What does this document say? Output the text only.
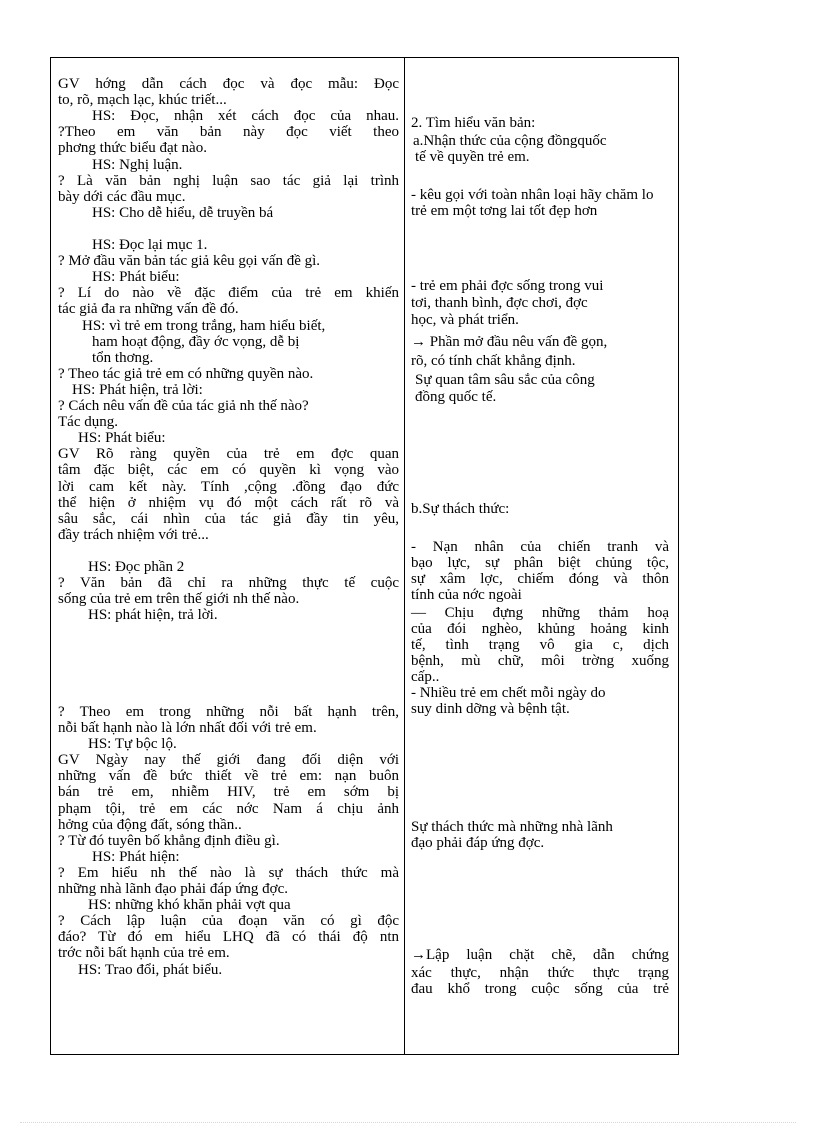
GV hớng dẫn cách đọc và đọc mẫu: Đọc
to, rõ, mạch lạc, khúc triết...
HS: Đọc, nhận xét cách đọc của nhau.
?Theo em văn bản này đọc viết theo
phơng thức biểu đạt nào.
HS: Nghị luận.
? Là văn bản nghị luận sao tác giả lại trình
bày dới các đầu mục.
HS: Cho dễ hiểu, dễ truyền bá
HS: Đọc lại mục 1.
? Mở đầu văn bản tác giả kêu gọi vấn đề gì.
HS: Phát biểu:
? Lí do nào về đặc điểm của trẻ em khiến
tác giả đa ra những vấn đề đó.
HS: vì trẻ em trong trắng, ham hiểu biết,
ham hoạt động, đầy ớc vọng, dễ bị
tổn thơng.
? Theo tác giả trẻ em có những quyền nào.
HS: Phát hiện, trả lời:
? Cách nêu vấn đề của tác giả nh thế nào?
Tác dụng.
HS: Phát biểu:
GV Rõ ràng quyền của trẻ em đợc quan
tâm đặc biệt, các em có quyền kì vọng vào
lời cam kết này. Tính ,cộng .đồng đạo đức
thể hiện ở nhiệm vụ đó một cách rất rõ và
sâu sắc, cái nhìn của tác giả đầy tin yêu,
đầy trách nhiệm với trẻ...
HS: Đọc phần 2
? Văn bản đã chỉ ra những thực tế cuộc
sống của trẻ em trên thế giới nh thế nào.
HS: phát hiện, trả lời.
? Theo em trong những nỗi bất hạnh trên,
nỗi bất hạnh nào là lớn nhất đối với trẻ em.
HS: Tự bộc lộ.
GV Ngày nay thế giới đang đối diện với
những vấn đề bức thiết về trẻ em: nạn buôn
bán trẻ em, nhiễm HIV, trẻ em sớm bị
phạm tội, trẻ em các nớc Nam á chịu ảnh
hởng của động đất, sóng thần..
? Từ đó tuyên bố khẳng định điều gì.
HS: Phát hiện:
? Em hiểu nh thế nào là sự thách thức mà
những nhà lãnh đạo phải đáp ứng đợc.
HS: những khó khăn phải vợt qua
? Cách lập luận của đoạn văn có gì độc
đáo? Từ đó em hiểu LHQ đã có thái độ ntn
trớc nỗi bất hạnh của trẻ em.
HS: Trao đổi, phát biểu.
2. Tìm hiểu văn bản:
a.Nhận thức của cộng đồngquốc
tế về quyền trẻ em.
- kêu gọi với toàn nhân loại hãy chăm lo
trẻ em một tơng lai tốt đẹp hơn
- trẻ em phải đợc sống trong vui
tơi, thanh bình, đợc chơi, đợc
học, và phát triển.
→ Phần mở đầu nêu vấn đề gọn,
rõ, có tính chất khẳng định.
Sự quan tâm sâu sắc của công
đồng quốc tế.
b.Sự thách thức:
- Nạn nhân của chiến tranh và
bạo lực, sự phân biệt chủng tộc,
sự xâm lợc, chiếm đóng và thôn
tính của nớc ngoài
— Chịu đựng những thảm hoạ
của đói nghèo, khủng hoảng kinh
tế, tình trạng vô gia c, dịch
bệnh, mù chữ, môi trờng xuống
cấp..
- Nhiều trẻ em chết mỗi ngày do
suy dinh dỡng và bệnh tật.
Sự thách thức mà những nhà lãnh
đạo phải đáp ứng đợc.
→Lập luận chặt chẽ, dẫn chứng
xác thực, nhận thức thực trạng
đau khổ trong cuộc sống của trẻ
